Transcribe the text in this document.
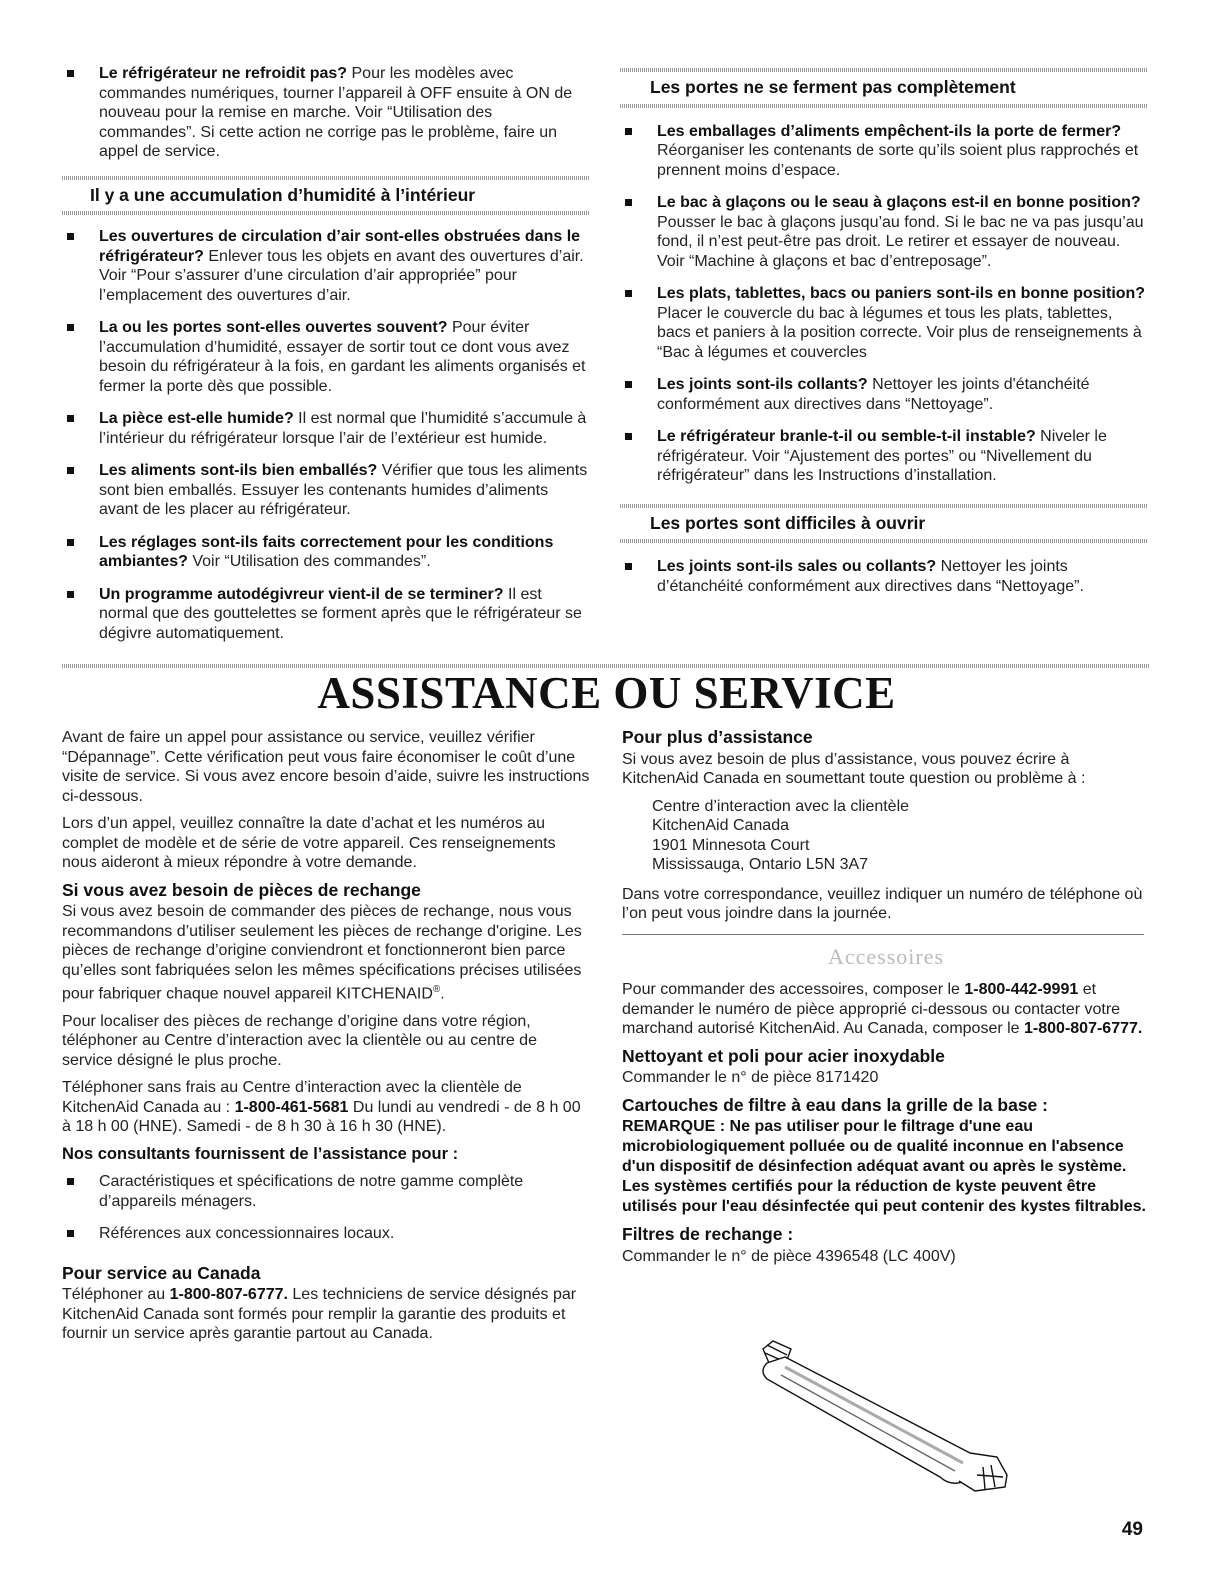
Le réfrigérateur ne refroidit pas? Pour les modèles avec commandes numériques, tourner l’appareil à OFF ensuite à ON de nouveau pour la remise en marche. Voir “Utilisation des commandes”. Si cette action ne corrige pas le problème, faire un appel de service.
Il y a une accumulation d’humidité à l’intérieur
Les ouvertures de circulation d’air sont-elles obstruées dans le réfrigérateur? Enlever tous les objets en avant des ouvertures d’air. Voir “Pour s’assurer d’une circulation d’air appropriée” pour l’emplacement des ouvertures d’air.
La ou les portes sont-elles ouvertes souvent? Pour éviter l’accumulation d’humidité, essayer de sortir tout ce dont vous avez besoin du réfrigérateur à la fois, en gardant les aliments organisés et fermer la porte dès que possible.
La pièce est-elle humide? Il est normal que l’humidité s’accumule à l’intérieur du réfrigérateur lorsque l’air de l’extérieur est humide.
Les aliments sont-ils bien emballés? Vérifier que tous les aliments sont bien emballés. Essuyer les contenants humides d’aliments avant de les placer au réfrigérateur.
Les réglages sont-ils faits correctement pour les conditions ambiantes? Voir “Utilisation des commandes”.
Un programme autodégivreur vient-il de se terminer? Il est normal que des gouttelettes se forment après que le réfrigérateur se dégivre automatiquement.
Les portes ne se ferment pas complètement
Les emballages d’aliments empêchent-ils la porte de fermer? Réorganiser les contenants de sorte qu’ils soient plus rapprochés et prennent moins d’espace.
Le bac à glaçons ou le seau à glaçons est-il en bonne position? Pousser le bac à glaçons jusqu’au fond. Si le bac ne va pas jusqu’au fond, il n’est peut-être pas droit. Le retirer et essayer de nouveau. Voir “Machine à glaçons et bac d’entreposage”.
Les plats, tablettes, bacs ou paniers sont-ils en bonne position? Placer le couvercle du bac à légumes et tous les plats, tablettes, bacs et paniers à la position correcte. Voir plus de renseignements à “Bac à légumes et couvercles
Les joints sont-ils collants? Nettoyer les joints d'étanchéité conformément aux directives dans “Nettoyage”.
Le réfrigérateur branle-t-il ou semble-t-il instable? Niveler le réfrigérateur. Voir “Ajustement des portes” ou “Nivellement du réfrigérateur” dans les Instructions d’installation.
Les portes sont difficiles à ouvrir
Les joints sont-ils sales ou collants? Nettoyer les joints d’étanchéité conformément aux directives dans “Nettoyage”.
ASSISTANCE OU SERVICE

Avant de faire un appel pour assistance ou service, veuillez vérifier “Dépannage”. Cette vérification peut vous faire économiser le coût d’une visite de service. Si vous avez encore besoin d’aide, suivre les instructions ci-dessous.

Lors d’un appel, veuillez connaître la date d’achat et les numéros au complet de modèle et de série de votre appareil. Ces renseignements nous aideront à mieux répondre à votre demande.

Si vous avez besoin de pièces de rechange

Si vous avez besoin de commander des pièces de rechange, nous vous recommandons d’utiliser seulement les pièces de rechange d'origine. Les pièces de rechange d’origine conviendront et fonctionneront bien parce qu’elles sont fabriquées selon les mêmes spécifications précises utilisées pour fabriquer chaque nouvel appareil KITCHENAID®.

Pour localiser des pièces de rechange d’origine dans votre région, téléphoner au Centre d’interaction avec la clientèle ou au centre de service désigné le plus proche.

Téléphoner sans frais au Centre d’interaction avec la clientèle de KitchenAid Canada au : 1-800-461-5681 Du lundi au vendredi - de 8 h 00 à 18 h 00 (HNE). Samedi - de 8 h 30 à 16 h 30 (HNE).

Nos consultants fournissent de l’assistance pour :
Caractéristiques et spécifications de notre gamme complète d’appareils ménagers.
Références aux concessionnaires locaux.
Pour service au Canada

Téléphoner au 1-800-807-6777. Les techniciens de service désignés par KitchenAid Canada sont formés pour remplir la garantie des produits et fournir un service après garantie partout au Canada.

Pour plus d’assistance

Si vous avez besoin de plus d’assistance, vous pouvez écrire à KitchenAid Canada en soumettant toute question ou problème à :

Centre d’interaction avec la clientèle
KitchenAid Canada
1901 Minnesota Court
Mississauga, Ontario L5N 3A7

Dans votre correspondance, veuillez indiquer un numéro de téléphone où l’on peut vous joindre dans la journée.

Accessoires

Pour commander des accessoires, composer le 1-800-442-9991 et demander le numéro de pièce approprié ci-dessous ou contacter votre marchand autorisé KitchenAid. Au Canada, composer le 1-800-807-6777.

Nettoyant et poli pour acier inoxydable

Commander le n° de pièce 8171420

Cartouches de filtre à eau dans la grille de la base :

REMARQUE : Ne pas utiliser pour le filtrage d'une eau microbiologiquement polluée ou de qualité inconnue en l'absence d'un dispositif de désinfection adéquat avant ou après le système. Les systèmes certifiés pour la réduction de kyste peuvent être utilisés pour l'eau désinfectée qui peut contenir des kystes filtrables.

Filtres de rechange :

Commander le n° de pièce 4396548 (LC 400V)

49
